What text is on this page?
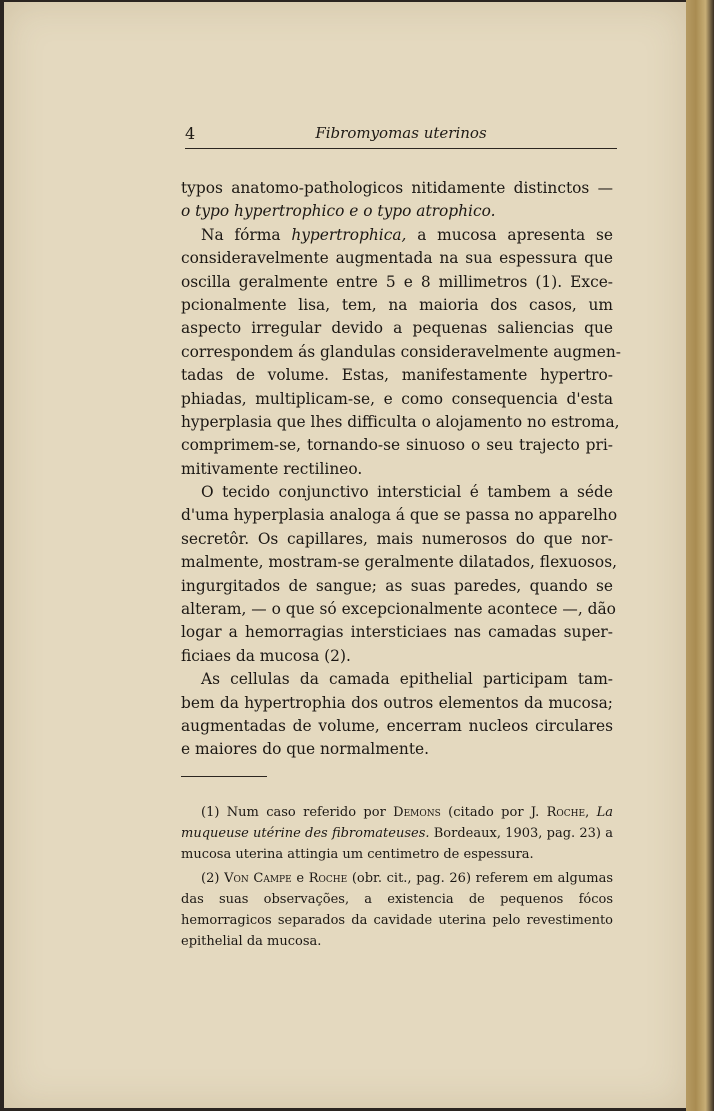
4	Fibromyomas uterinos
typos anatomo-pathologicos nitidamente distinctos —
o typo hypertrophico e o typo atrophico.
Na fórma hypertrophica, a mucosa apresenta se
consideravelmente augmentada na sua espessura que
oscilla geralmente entre 5 e 8 millimetros (1). Exce-
pcionalmente lisa, tem, na maioria dos casos, um
aspecto irregular devido a pequenas saliencias que
correspondem ás glandulas consideravelmente augmen-
tadas de volume. Estas, manifestamente hypertro-
phiadas, multiplicam-se, e como consequencia d'esta
hyperplasia que lhes difficulta o alojamento no estroma,
comprimem-se, tornando-se sinuoso o seu trajecto pri-
mitivamente rectilineo.
O tecido conjunctivo intersticial é tambem a séde
d'uma hyperplasia analoga á que se passa no apparelho
secretôr. Os capillares, mais numerosos do que nor-
malmente, mostram-se geralmente dilatados, flexuosos,
ingurgitados de sangue; as suas paredes, quando se
alteram, — o que só excepcionalmente acontece —, dão
logar a hemorragias intersticiaes nas camadas super-
ficiaes da mucosa (2).
As cellulas da camada epithelial participam tam-
bem da hypertrophia dos outros elementos da mucosa;
augmentadas de volume, encerram nucleos circulares
e maiores do que normalmente.
(1) Num caso referido por Demons (citado por J. Roche, La muqueuse utérine des fibromateuses. Bordeaux, 1903, pag. 23) a mucosa uterina attingia um centimetro de espessura.
(2) Von Campe e Roche (obr. cit., pag. 26) referem em algumas das suas observações, a existencia de pequenos fócos hemorragicos separados da cavidade uterina pelo revestimento epithelial da mucosa.
